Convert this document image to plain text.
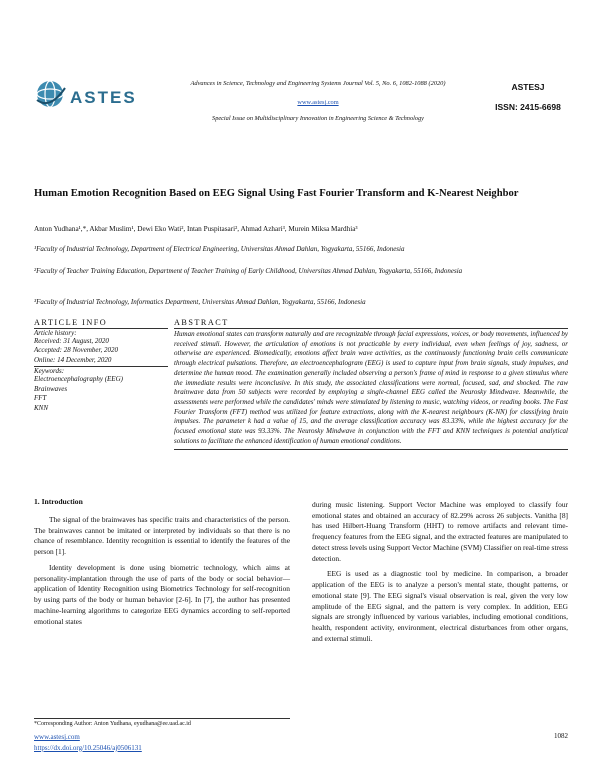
ASTES
Advances in Science, Technology and Engineering Systems Journal Vol. 5, No. 6, 1082-1088 (2020)
www.astesj.com
Special Issue on Multidisciplinary Innovation in Engineering Science & Technology
ASTESJ
ISSN: 2415-6698
Human Emotion Recognition Based on EEG Signal Using Fast Fourier Transform and K-Nearest Neighbor
Anton Yudhana¹,*, Akbar Muslim¹, Dewi Eko Wati², Intan Puspitasari², Ahmad Azhari³, Murein Miksa Mardhia³
¹Faculty of Industrial Technology, Department of Electrical Engineering, Universitas Ahmad Dahlan, Yogyakarta, 55166, Indonesia
²Faculty of Teacher Training Education, Department of Teacher Training of Early Childhood, Universitas Ahmad Dahlan, Yogyakarta, 55166, Indonesia
³Faculty of Industrial Technology, Informatics Department, Universitas Ahmad Dahlan, Yogyakarta, 55166, Indonesia
ARTICLE INFO
Article history:
Received: 31 August, 2020
Accepted: 28 November, 2020
Online: 14 December, 2020
Keywords:
Electroencephalography (EEG)
Brainwaves
FFT
KNN
ABSTRACT
Human emotional states can transform naturally and are recognizable through facial expressions, voices, or body movements, influenced by received stimuli. However, the articulation of emotions is not practicable by every individual, even when feelings of joy, sadness, or otherwise are experienced. Biomedically, emotions affect brain wave activities, as the continuously functioning brain cells communicate through electrical pulsations. Therefore, an electroencephalogram (EEG) is used to capture input from brain signals, study impulses, and determine the human mood. The examination generally included observing a person's frame of mind in response to a given stimulus where the immediate results were inconclusive. In this study, the associated classifications were normal, focused, sad, and shocked. The raw brainwave data from 50 subjects were recorded by employing a single-channel EEG called the Neurosky Mindwave. Meanwhile, the assessments were performed while the candidates' minds were stimulated by listening to music, watching videos, or reading books. The Fast Fourier Transform (FFT) method was utilized for feature extractions, along with the K-nearest neighbours (K-NN) for classifying brain impulses. The parameter k had a value of 15, and the average classification accuracy was 83.33%, while the highest accuracy for the focused emotional state was 93.33%. The Neurosky Mindwave in conjunction with the FFT and KNN techniques is potential analytical solutions to facilitate the enhanced identification of human emotional conditions.
1. Introduction

The signal of the brainwaves has specific traits and characteristics of the person. The brainwaves cannot be imitated or interpreted by individuals so that there is no chance of resemblance. Identity recognition is essential to identify the features of the person [1].

Identity development is done using biometric technology, which aims at personality-implantation through the use of parts of the body or social behavior—application of Identity Recognition using Biometrics Technology for self-recognition by using parts of the body or human behavior [2-6]. In [7], the author has presented machine-learning algorithms to categorize EEG dynamics according to self-reported emotional states

during music listening. Support Vector Machine was employed to classify four emotional states and obtained an accuracy of 82.29% across 26 subjects. Vanitha [8] has used Hilbert-Huang Transform (HHT) to remove artifacts and relevant time-frequency features from the EEG signal, and the extracted features are manipulated to detect stress levels using Support Vector Machine (SVM) Classifier on real-time stress detection.

EEG is used as a diagnostic tool by medicine. In comparison, a broader application of the EEG is to analyze a person's mental state, thought patterns, or emotional state [9]. The EEG signal's visual observation is real, given the very low amplitude of the EEG signal, and the pattern is very complex. In addition, EEG signals are strongly influenced by various variables, including emotional conditions, health, respondent activity, environment, electrical disturbances from other organs, and external stimuli.

*Corresponding Author: Anton Yudhana, eyudhana@ee.uad.ac.id
www.astesj.com
https://dx.doi.org/10.25046/aj0506131
1082
